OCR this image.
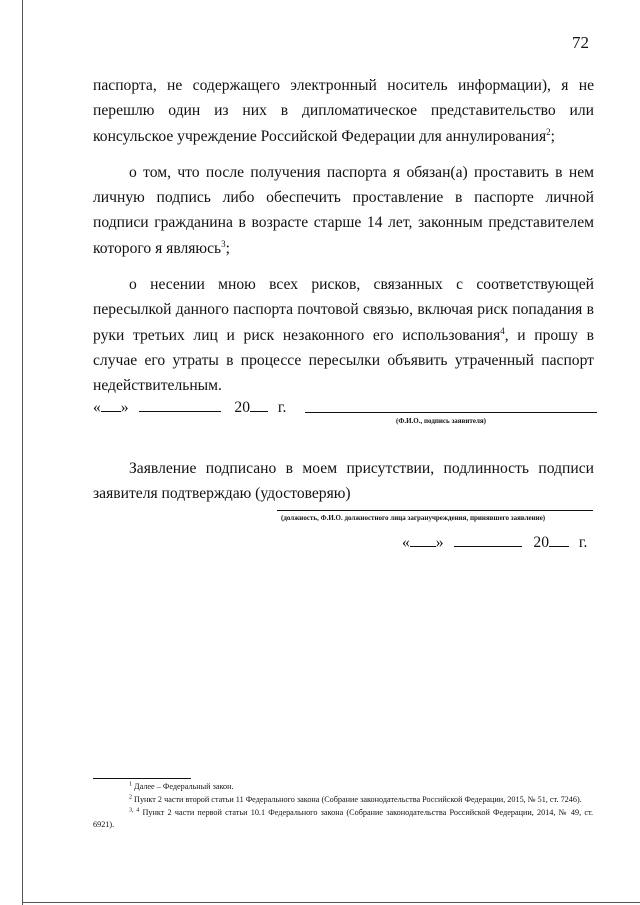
72

паспорта, не содержащего электронный носитель информации), я не перешлю один из них в дипломатическое представительство или консульское учреждение Российской Федерации для аннулирования$^2$;

о том, что после получения паспорта я обязан(а) проставить в нем личную подпись либо обеспечить проставление в паспорте личной подписи гражданина в возрасте старше 14 лет, законным представителем которого я являюсь$^3$;

о несении мною всех рисков, связанных с соответствующей пересылкой данного паспорта почтовой связью, включая риск попадания в руки третьих лиц и риск незаконного его использования$^4$, и прошу в случае его утраты в процессе пересылки объявить утраченный паспорт недействительным.

« »	20 г.
(Ф.И.О., подпись заявителя)

Заявление подписано в моем присутствии, подлинность подписи заявителя подтверждаю (удостоверяю)

(должность, Ф.И.О. должностного лица загранучреждения, принявшего заявление)
« »	20 г.

$^1$ Далее – Федеральный закон.

$^2$ Пункт 2 части второй статьи 11 Федерального закона (Собрание законодательства Российской Федерации, 2015, № 51, ст. 7246).

$^{3, 4}$ Пункт 2 части первой статьи 10.1 Федерального закона (Собрание законодательства Российской Федерации, 2014, № 49, ст. 6921).
